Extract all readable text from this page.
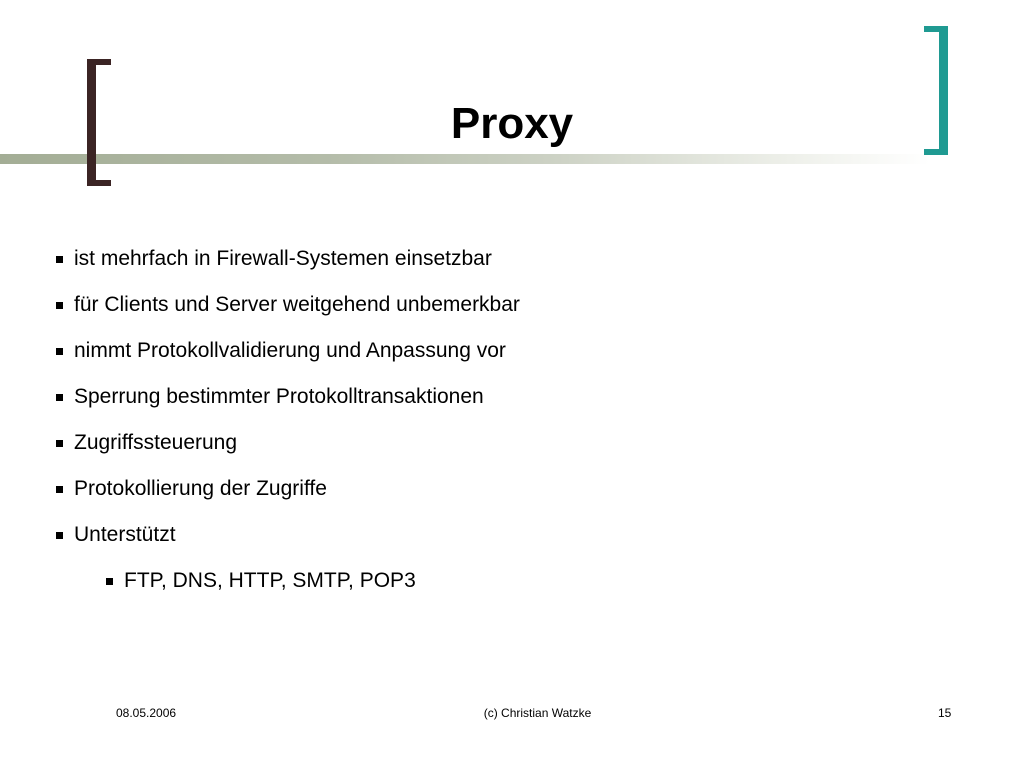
Proxy
ist mehrfach in Firewall-Systemen einsetzbar
für Clients und Server weitgehend unbemerkbar
nimmt Protokollvalidierung und Anpassung vor
Sperrung bestimmter Protokolltransaktionen
Zugriffssteuerung
Protokollierung der Zugriffe
Unterstützt
FTP, DNS, HTTP, SMTP, POP3
08.05.2006	(c) Christian Watzke	15
